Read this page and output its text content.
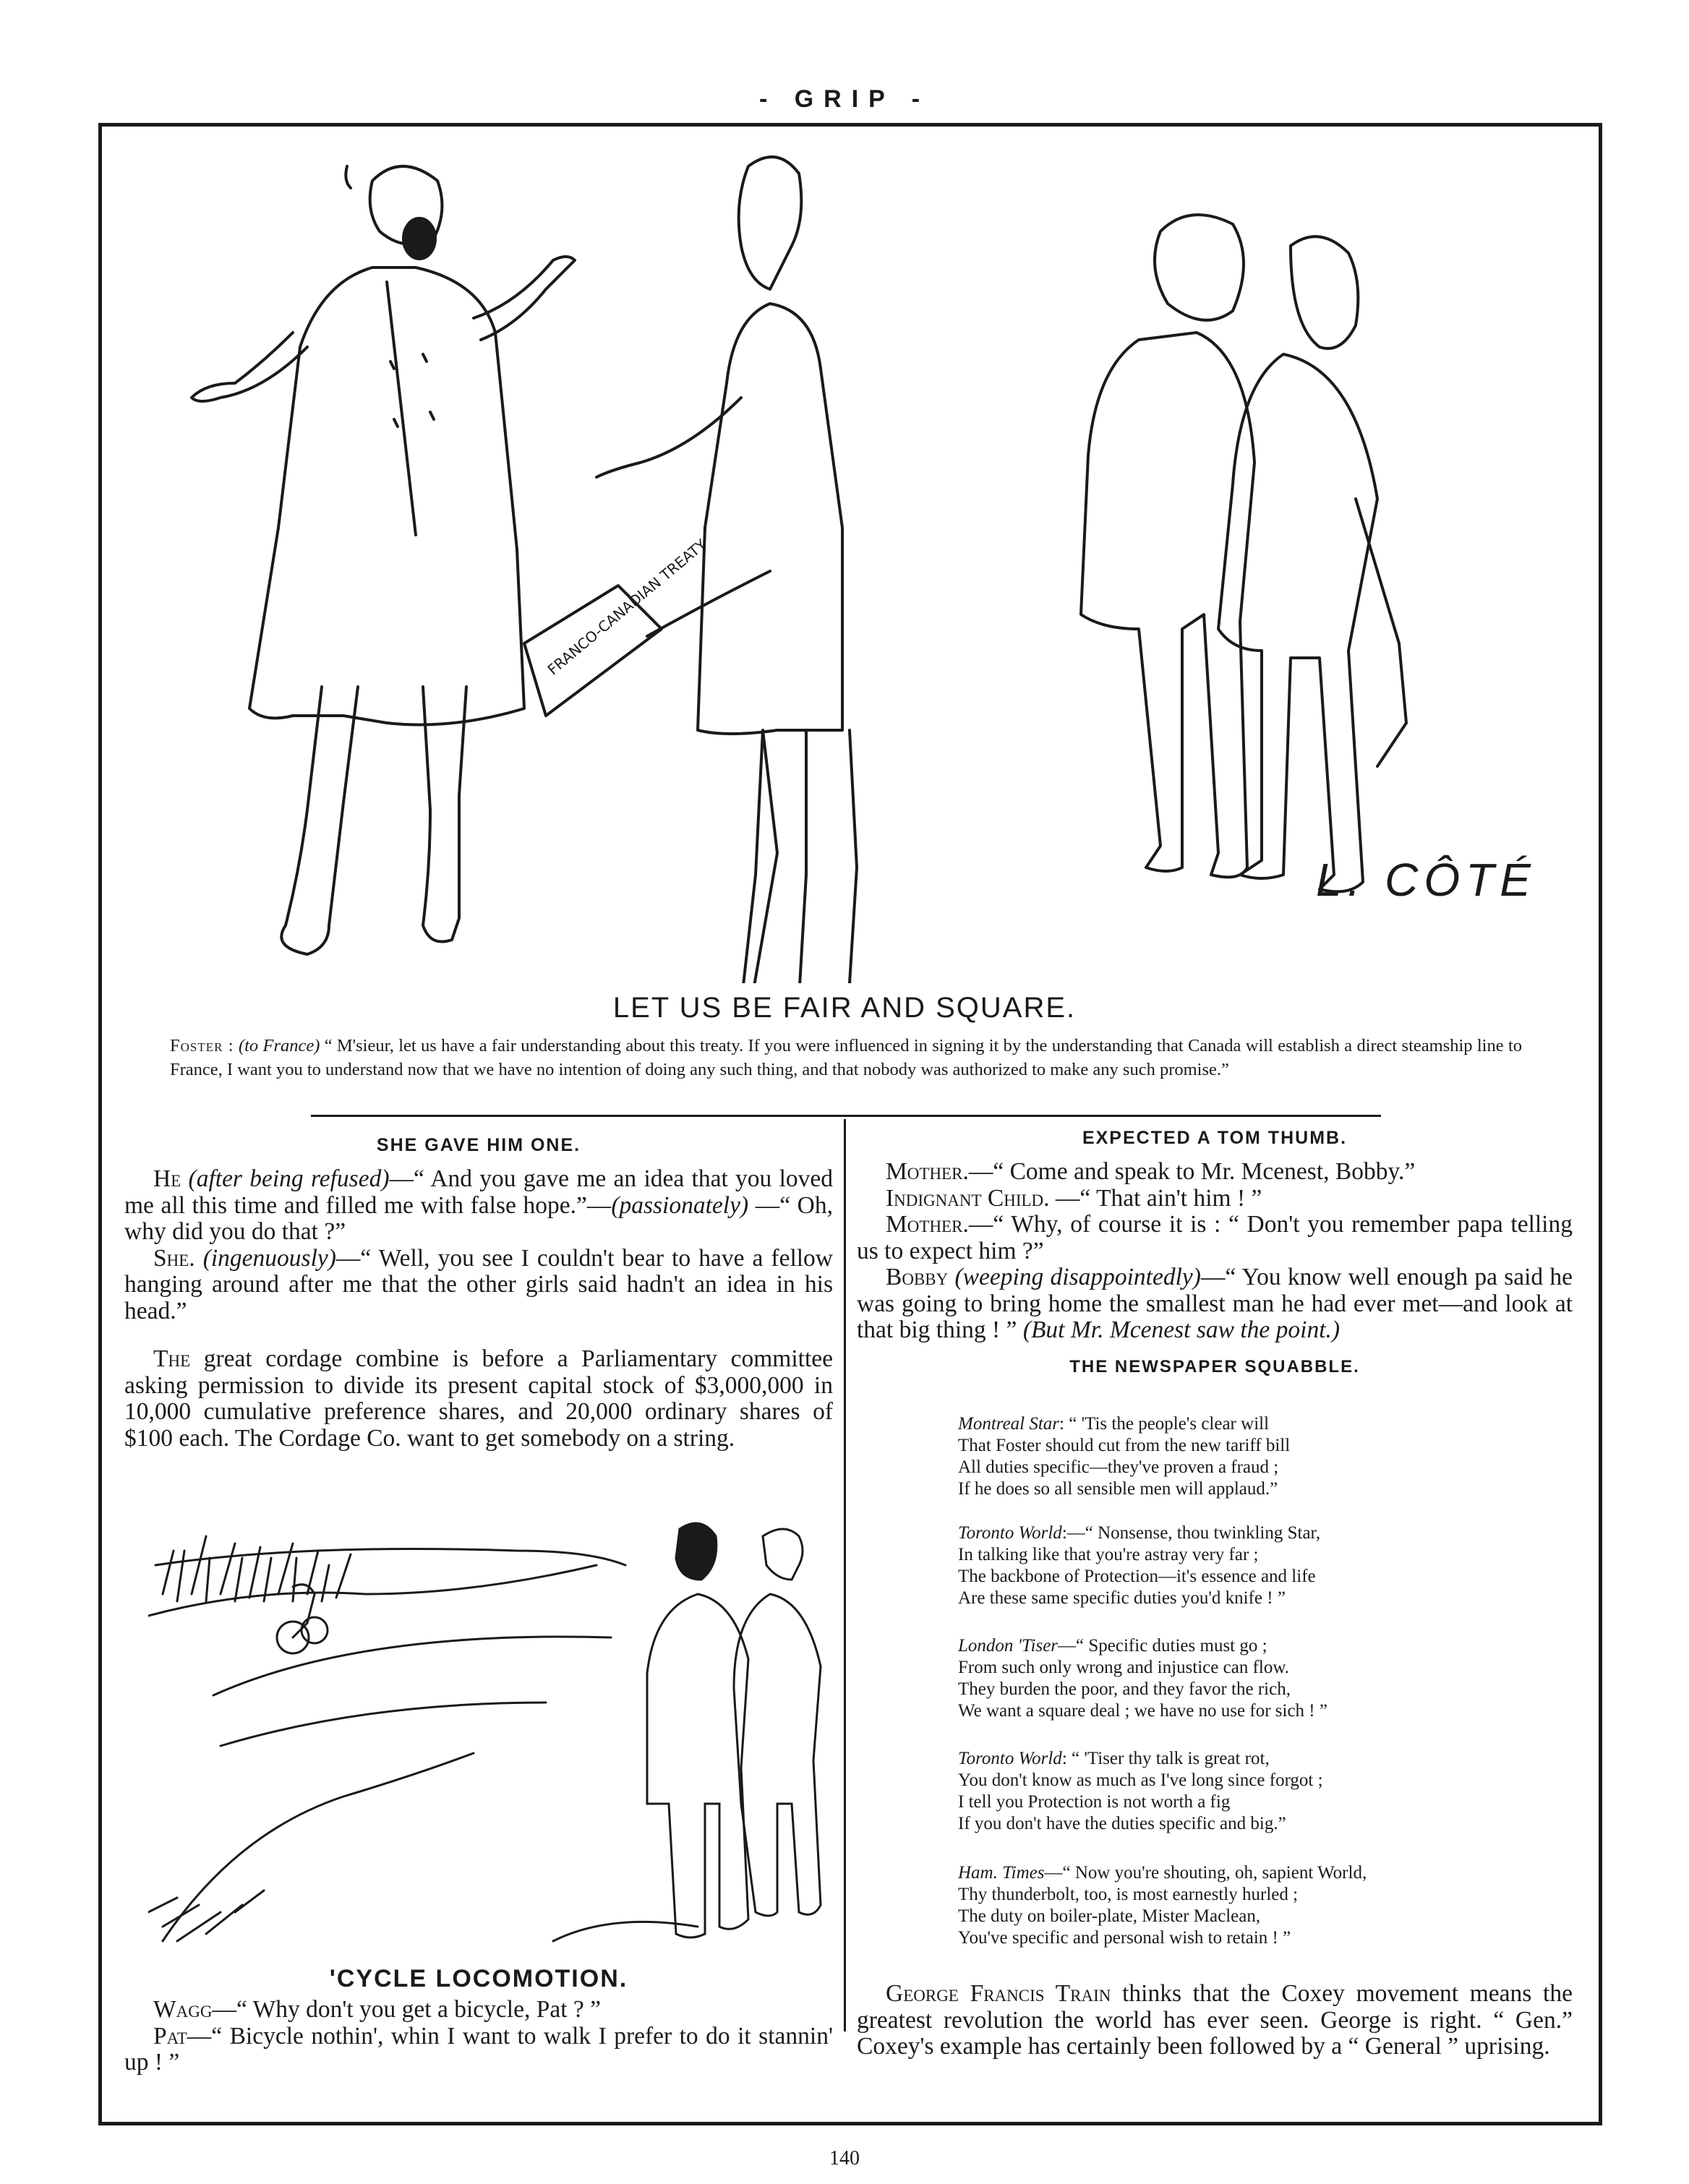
- GRIP -
FRANCO-CANADIAN TREATY
L. CÔTÉ
LET US BE FAIR AND SQUARE.
Foster : (to France) “ M'sieur, let us have a fair understanding about this treaty. If you were influenced in signing it by the understanding that Canada will establish a direct steamship line to France, I want you to understand now that we have no intention of doing any such thing, and that nobody was authorized to make any such promise.”
SHE GAVE HIM ONE.

He (after being refused)—“ And you gave me an idea that you loved me all this time and filled me with false hope.”—(passionately) —“ Oh, why did you do that ?”

She. (ingenuously)—“ Well, you see I couldn't bear to have a fellow hanging around after me that the other girls said hadn't an idea in his head.”

The great cordage combine is before a Parliamentary committee asking permission to divide its present capital stock of $3,000,000 in 10,000 cumulative preference shares, and 20,000 ordinary shares of $100 each. The Cordage Co. want to get somebody on a string.

'CYCLE LOCOMOTION.

Wagg—“ Why don't you get a bicycle, Pat ? ”

Pat—“ Bicycle nothin', whin I want to walk I prefer to do it stannin' up ! ”

EXPECTED A TOM THUMB.

Mother.—“ Come and speak to Mr. Mcenest, Bobby.”

Indignant Child. —“ That ain't him ! ”

Mother.—“ Why, of course it is : “ Don't you remember papa telling us to expect him ?”

Bobby (weeping disappointedly)—“ You know well enough pa said he was going to bring home the smallest man he had ever met—and look at that big thing ! ” (But Mr. Mcenest saw the point.)

THE NEWSPAPER SQUABBLE.

Montreal Star: “ 'Tis the people's clear will

That Foster should cut from the new tariff bill

All duties specific—they've proven a fraud ;

If he does so all sensible men will applaud.”

Toronto World:—“ Nonsense, thou twinkling Star,

In talking like that you're astray very far ;

The backbone of Protection—it's essence and life

Are these same specific duties you'd knife ! ”

London 'Tiser—“ Specific duties must go ;

From such only wrong and injustice can flow.

They burden the poor, and they favor the rich,

We want a square deal ; we have no use for sich ! ”

Toronto World: “ 'Tiser thy talk is great rot,

You don't know as much as I've long since forgot ;

I tell you Protection is not worth a fig

If you don't have the duties specific and big.”

Ham. Times—“ Now you're shouting, oh, sapient World,

Thy thunderbolt, too, is most earnestly hurled ;

The duty on boiler-plate, Mister Maclean,

You've specific and personal wish to retain ! ”

George Francis Train thinks that the Coxey movement means the greatest revolution the world has ever seen. George is right. “ Gen.” Coxey's example has certainly been followed by a “ General ” uprising.

140
